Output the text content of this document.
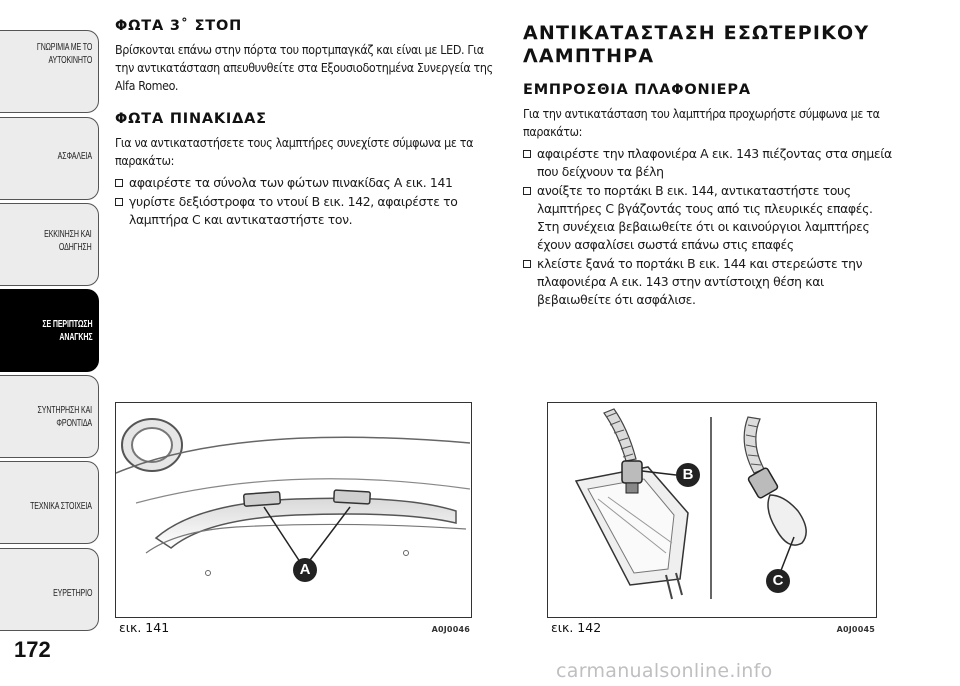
ΓΝΩΡΙΜΙΑ ΜΕ ΤΟ
ΑΥΤΟΚΙΝΗΤΟ
ΑΣΦΑΛΕΙΑ
ΕΚΚΙΝΗΣΗ ΚΑΙ
ΟΔΗΓΗΣΗ
ΣΕ ΠΕΡΙΠΤΩΣΗ
ΑΝΑΓΚΗΣ
ΣΥΝΤΗΡΗΣΗ ΚΑΙ
ΦΡΟΝΤΙΔΑ
ΤΕΧΝΙΚΑ ΣΤΟΙΧΕΙΑ
ΕΥΡΕΤΗΡΙΟ
172
ΦΩΤΑ 3˚ ΣΤΟΠ

Βρίσκονται επάνω στην πόρτα του πορτμπαγκάζ και είναι με LED. Για την αντικατάσταση απευθυνθείτε στα Εξουσιοδοτημένα Συνεργεία της Alfa Romeo.

ΦΩΤΑ ΠΙΝΑΚΙΔΑΣ

Για να αντικαταστήσετε τους λαμπτήρες συνεχίστε σύμφωνα με τα παρακάτω:

αφαιρέστε τα σύνολα των φώτων πινακίδας A εικ. 141
γυρίστε δεξιόστροφα το ντουί B εικ. 142, αφαιρέστε το λαμπτήρα C και αντικαταστήστε τον.
ΑΝΤΙΚΑΤΑΣΤΑΣΗ ΕΣΩΤΕΡΙΚΟΥ
ΛΑΜΠΤΗΡΑ
ΕΜΠΡΟΣΘΙΑ ΠΛΑΦΟΝΙΕΡΑ

Για την αντικατάσταση του λαμπτήρα προχωρήστε σύμφωνα με τα παρακάτω:

αφαιρέστε την πλαφονιέρα A εικ. 143 πιέζοντας στα σημεία που δείχνουν τα βέλη
ανοίξτε το πορτάκι B εικ. 144, αντικαταστήστε τους λαμπτήρες C βγάζοντάς τους από τις πλευρικές επαφές. Στη συνέχεια βεβαιωθείτε ότι οι καινούργιοι λαμπτήρες έχουν ασφαλίσει σωστά επάνω στις επαφές
κλείστε ξανά το πορτάκι B εικ. 144 και στερεώστε την πλαφονιέρα A εικ. 143 στην αντίστοιχη θέση και βεβαιωθείτε ότι ασφάλισε.
A
εικ. 141	A0J0046
B
C
εικ. 142	A0J0045
carmanualsonline.info
